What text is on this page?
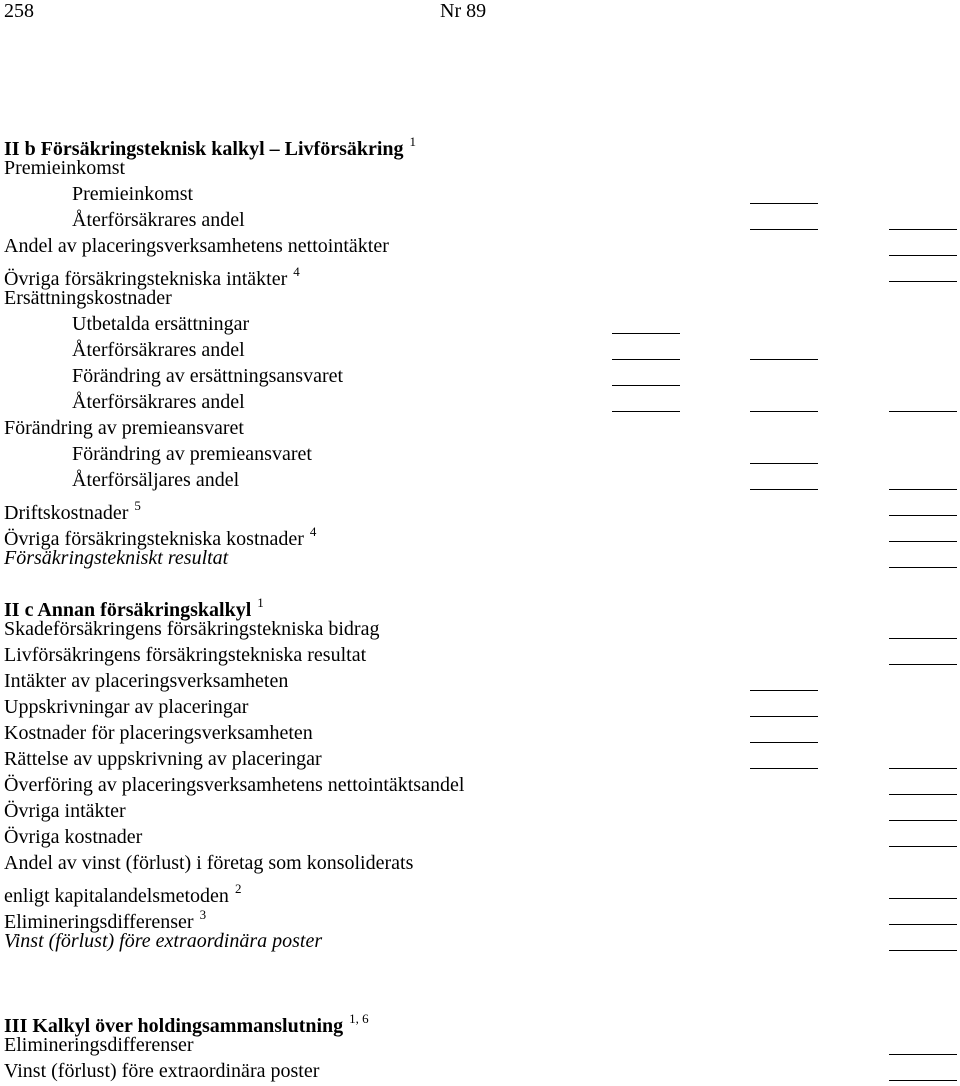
258	Nr 89
II b Försäkringsteknisk kalkyl – Livförsäkring $^1$
Premieinkomst
Premieinkomst
Återförsäkrares andel
Andel av placeringsverksamhetens nettointäkter
Övriga försäkringstekniska intäkter $^4$
Ersättningskostnader
Utbetalda ersättningar
Återförsäkrares andel
Förändring av ersättningsansvaret
Återförsäkrares andel
Förändring av premieansvaret
Förändring av premieansvaret
Återförsäljares andel
Driftskostnader $^5$
Övriga försäkringstekniska kostnader $^4$
Försäkringstekniskt resultat
II c Annan försäkringskalkyl $^1$
Skadeförsäkringens försäkringstekniska bidrag
Livförsäkringens försäkringstekniska resultat
Intäkter av placeringsverksamheten
Uppskrivningar av placeringar
Kostnader för placeringsverksamheten
Rättelse av uppskrivning av placeringar
Överföring av placeringsverksamhetens nettointäktsandel
Övriga intäkter
Övriga kostnader
Andel av vinst (förlust) i företag som konsoliderats
enligt kapitalandelsmetoden $^2$
Elimineringsdifferenser $^3$
Vinst (förlust) före extraordinära poster
III Kalkyl över holdingsammanslutning $^{1, 6}$
Elimineringsdifferenser
Vinst (förlust) före extraordinära poster
